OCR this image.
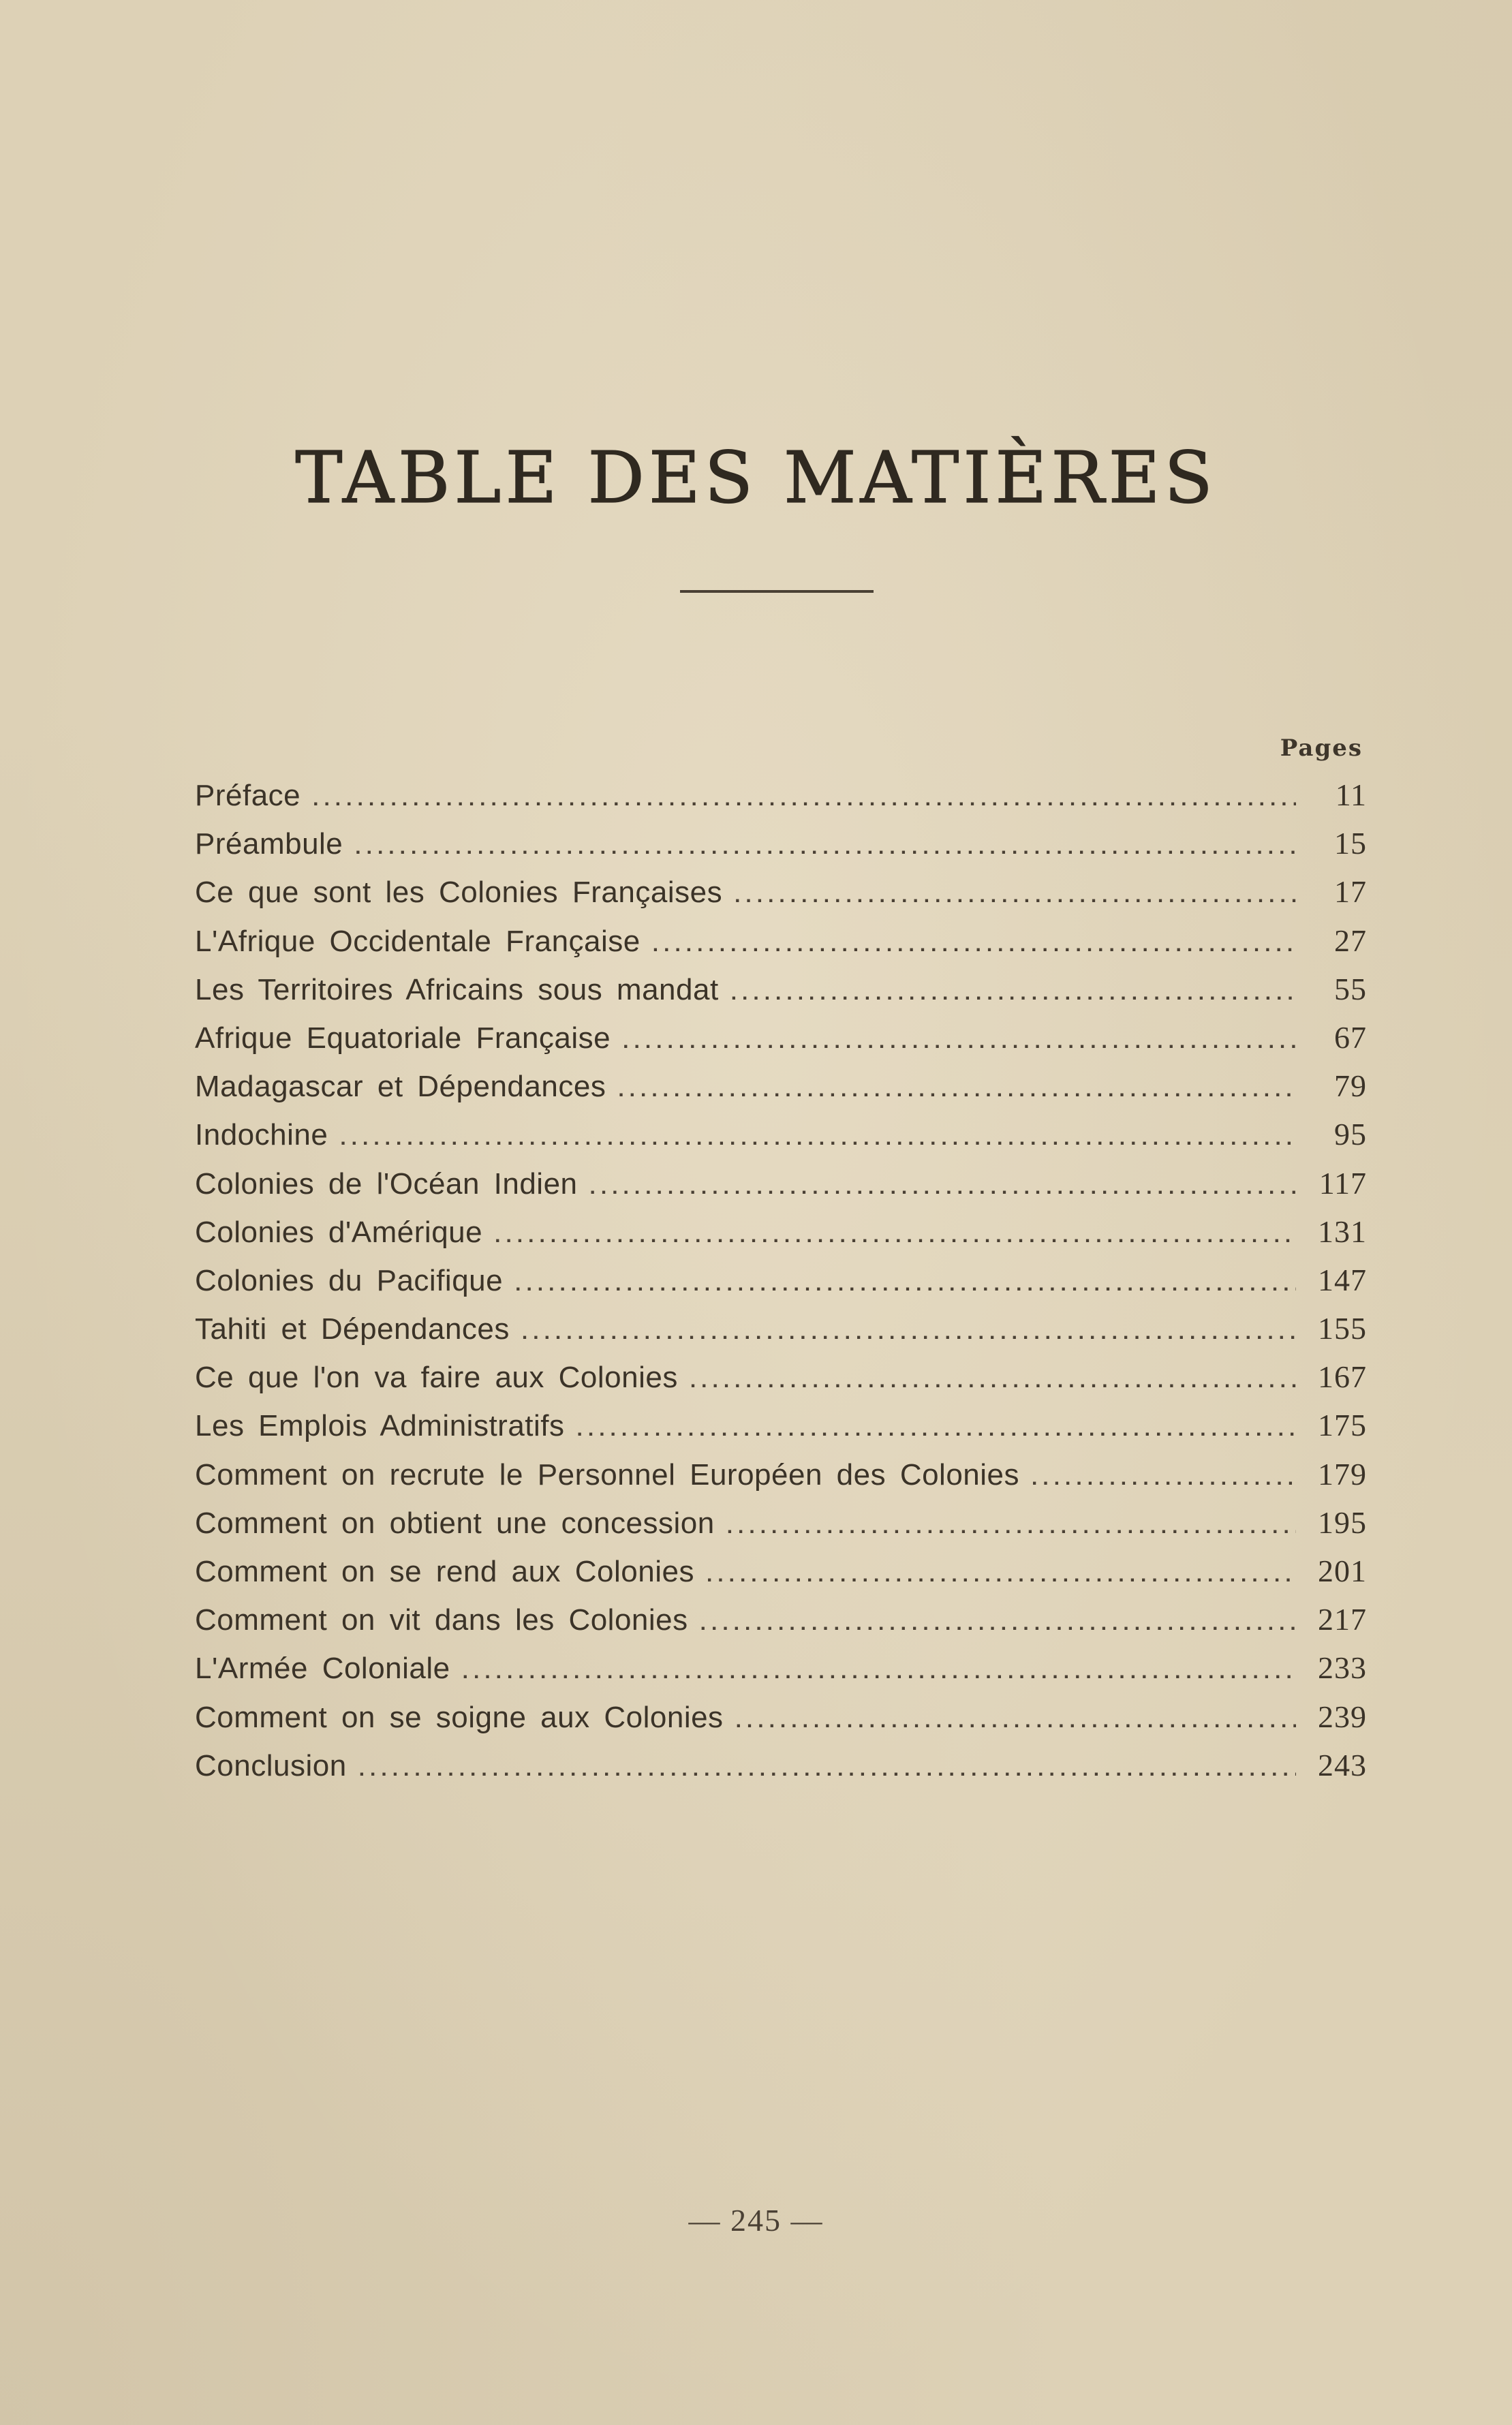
TABLE DES MATIÈRES
Pages
Préface .....	11
Préambule .....	15
Ce que sont les Colonies Françaises .....	17
L'Afrique Occidentale Française .....	27
Les Territoires Africains sous mandat .....	55
Afrique Equatoriale Française .....	67
Madagascar et Dépendances .....	79
Indochine .....	95
Colonies de l'Océan Indien .....	117
Colonies d'Amérique .....	131
Colonies du Pacifique .....	147
Tahiti et Dépendances .....	155
Ce que l'on va faire aux Colonies .....	167
Les Emplois Administratifs .....	175
Comment on recrute le Personnel Européen des Colonies .....	179
Comment on obtient une concession .....	195
Comment on se rend aux Colonies .....	201
Comment on vit dans les Colonies .....	217
L'Armée Coloniale .....	233
Comment on se soigne aux Colonies .....	239
Conclusion .....	243
— 245 —
